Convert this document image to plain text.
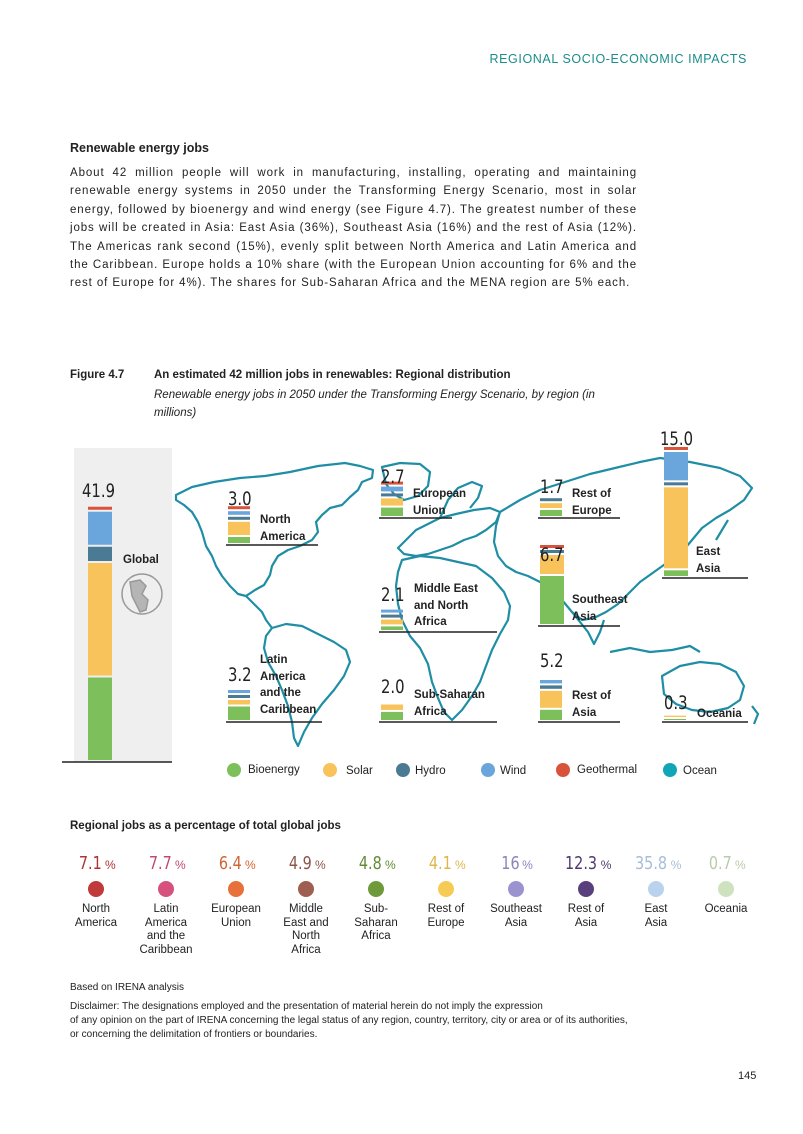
REGIONAL SOCIO-ECONOMIC IMPACTS
Renewable energy jobs
About 42 million people will work in manufacturing, installing, operating and maintaining renewable energy systems in 2050 under the Transforming Energy Scenario, most in solar energy, followed by bioenergy and wind energy (see Figure 4.7). The greatest number of these jobs will be created in Asia: East Asia (36%), Southeast Asia (16%) and the rest of Asia (12%). The Americas rank second (15%), evenly split between North America and Latin America and the Caribbean. Europe holds a 10% share (with the European Union accounting for 6% and the rest of Europe for 4%). The shares for Sub-Saharan Africa and the MENA region are 5% each.
Figure 4.7	An estimated 42 million jobs in renewables: Regional distribution
Renewable energy jobs in 2050 under the Transforming Energy Scenario, by region (in millions)
41.9
Global
3.0
2.7	1.7
15.0
2.1
6.7
3.2
2.0
5.2
0.3
North
America
European
Union
Rest of
Europe
East
Asia
Middle East
and North
Africa
Southeast
Asia
Latin
America
and the
Caribbean
Sub-Saharan
Africa
Rest of
Asia	Oceania
Bioenergy	Solar	Hydro	Wind	Geothermal	Ocean
Regional jobs as a percentage of total global jobs
7.1 %
North
America
7.7 %
Latin
America
and the
Caribbean
6.4 %
European
Union
4.9 %
Middle
East and
North
Africa
4.8 %
Sub-
Saharan
Africa
4.1 %
Rest of
Europe
16 %
Southeast
Asia
12.3 %
Rest of
Asia
35.8 %
East
Asia
0.7 %
Oceania
Based on IRENA analysis
Disclaimer: The designations employed and the presentation of material herein do not imply the expression
of any opinion on the part of IRENA concerning the legal status of any region, country, territory, city or area or of its authorities,
or concerning the delimitation of frontiers or boundaries.
145
